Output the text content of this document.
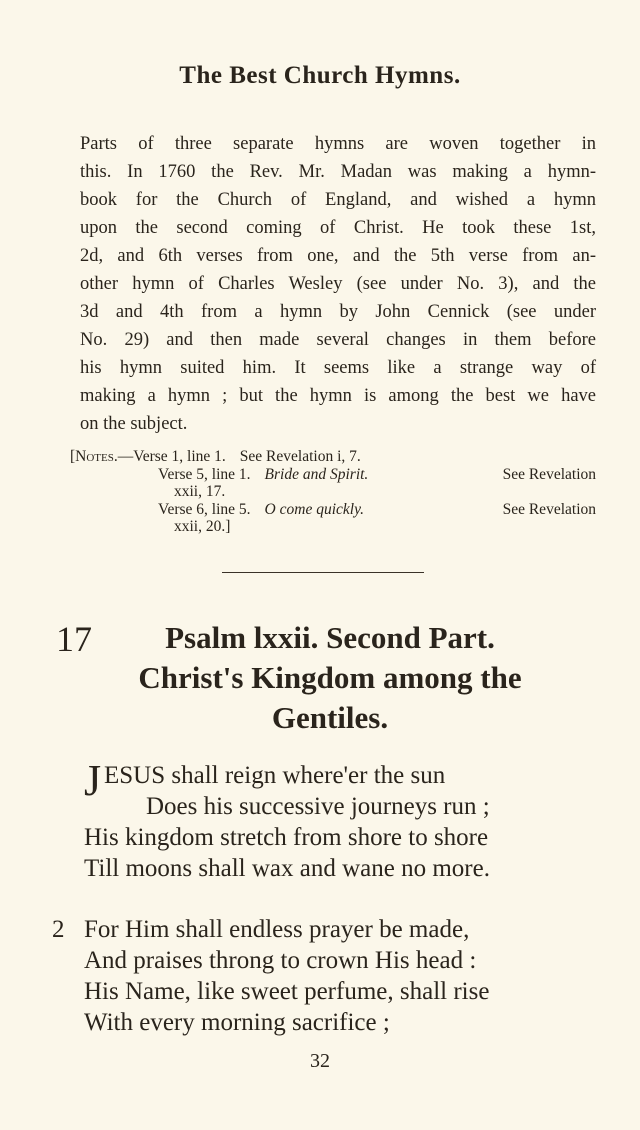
The Best Church Hymns.
Parts of three separate hymns are woven together in
this. In 1760 the Rev. Mr. Madan was making a hymn-
book for the Church of England, and wished a hymn
upon the second coming of Christ. He took these 1st,
2d, and 6th verses from one, and the 5th verse from an-
other hymn of Charles Wesley (see under No. 3), and the
3d and 4th from a hymn by John Cennick (see under
No. 29) and then made several changes in them before
his hymn suited him. It seems like a strange way of
making a hymn ; but the hymn is among the best we have
on the subject.
[Notes.—Verse 1, line 1. See Revelation i, 7.
Verse 5, line 1. Bride and Spirit.	See Revelation
xxii, 17.
Verse 6, line 5. O come quickly.	See Revelation
xxii, 20.]
17	Psalm lxxii. Second Part.
Christ's Kingdom among the
Gentiles.
J ESUS shall reign where'er the sun
Does his successive journeys run ;
His kingdom stretch from shore to shore
Till moons shall wax and wane no more.
2 For Him shall endless prayer be made,
And praises throng to crown His head :
His Name, like sweet perfume, shall rise
With every morning sacrifice ;
32
